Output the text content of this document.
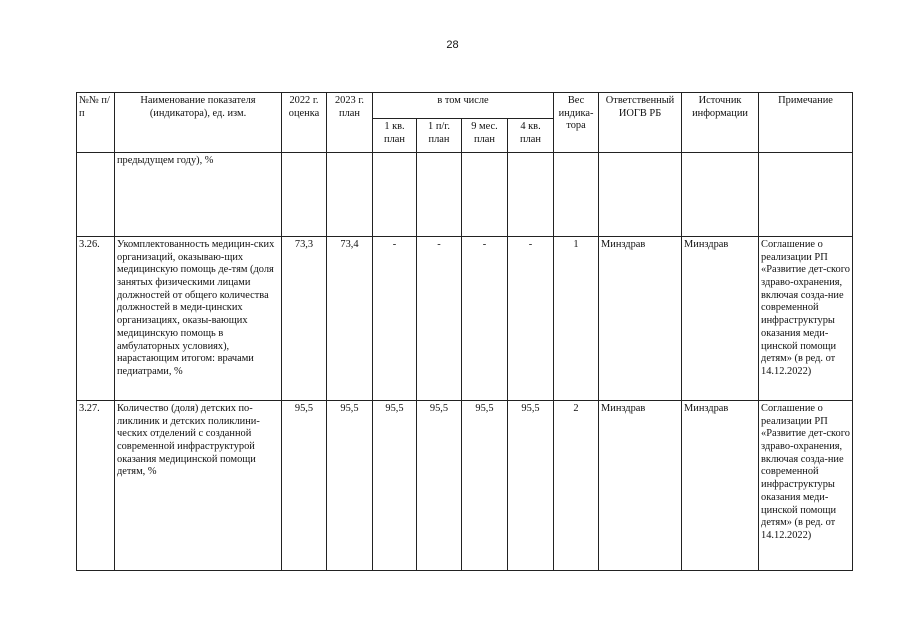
28
№№ п/п	Наименование показателя (индикатора), ед. изм.	2022 г. оценка	2023 г. план	в том числе				Вес индика-тора	Ответственный ИОГВ РБ	Источник информации	Примечание
				1 кв. план	1 п/г. план	9 мес. план	4 кв. план				
	предыдущем году), %										
3.26.	Укомплектованность медицин-ских организаций, оказываю-щих медицинскую помощь де-тям (доля занятых физическими лицами должностей от общего количества должностей в меди-цинских организациях, оказы-вающих медицинскую помощь в амбулаторных условиях), нарастающим итогом: врачами педиатрами, %	73,3	73,4	-	-	-	-	1	Минздрав	Минздрав	Соглашение о реализации РП «Развитие дет-ского здраво-охранения, включая созда-ние современной инфраструктуры оказания меди-цинской помощи детям» (в ред. от 14.12.2022)
3.27.	Количество (доля) детских по-ликлиник и детских поликлини-ческих отделений с созданной современной инфраструктурой оказания медицинской помощи детям, %	95,5	95,5	95,5	95,5	95,5	95,5	2	Минздрав	Минздрав	Соглашение о реализации РП «Развитие дет-ского здраво-охранения, включая созда-ние современной инфраструктуры оказания меди-цинской помощи детям» (в ред. от 14.12.2022)
